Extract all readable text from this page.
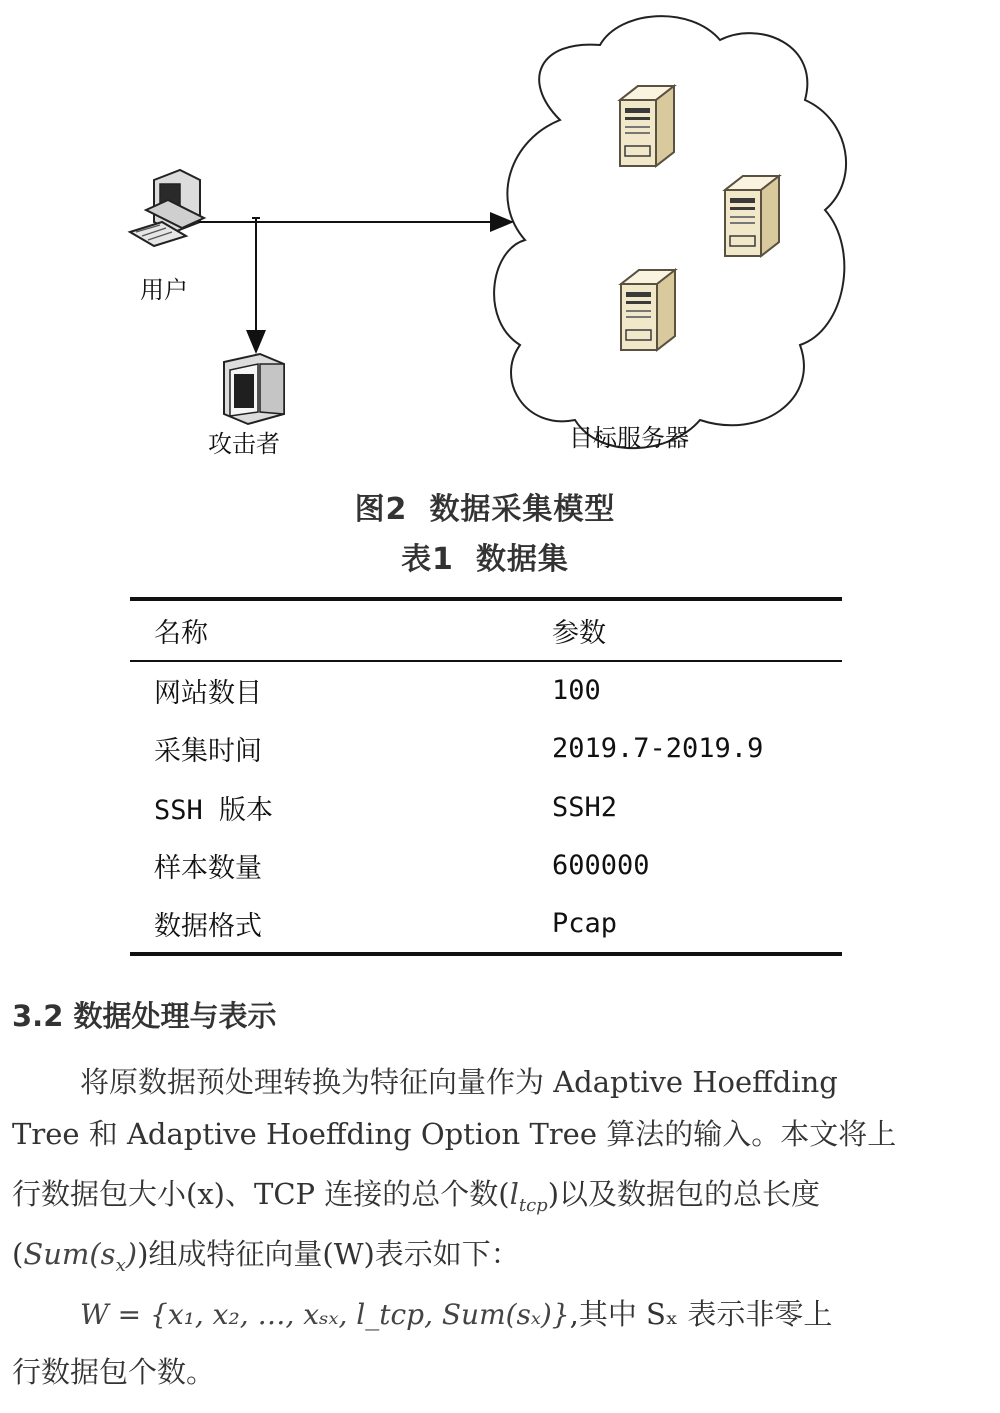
用户
攻击者	目标服务器
图2 数据采集模型
表1 数据集
名称	参数
网站数目	100
采集时间	2019.7-2019.9
SSH 版本	SSH2
样本数量	600000
数据格式	Pcap
3.2 数据处理与表示
将原数据预处理转换为特征向量作为 Adaptive Hoeffding
Tree 和 Adaptive Hoeffding Option Tree 算法的输入。本文将上
行数据包大小(x)、TCP 连接的总个数$(l_{tcp})$以及数据包的总长度
$(Sum(s_x))$组成特征向量(W)表示如下：
W = {x₁, x₂, …, xₛₓ, l_tcp, Sum(sₓ)},其中 Sₓ 表示非零上
行数据包个数。
